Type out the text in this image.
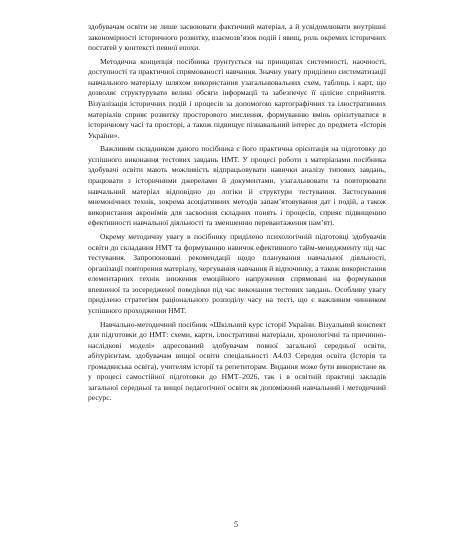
здобувачам освіти не лише засвоювати фактичний матеріал, а й усвідомлювати внутрішні закономірності історичного розвитку, взаємозв’язок подій і явищ, роль окремих історичних постатей у контексті певної епохи.

Методична концепція посібника ґрунтується на принципах системності, наочності, доступності та практичної спрямованості навчання. Значну увагу приділено систематизації навчального матеріалу шляхом використання узагальнювальних схем, таблиць і карт, що дозволяє структурувати великі обсяги інформації та забезпечує її цілісне сприйняття. Візуалізація історичних подій і процесів за допомогою картографічних та ілюстративних матеріалів сприяє розвитку просторового мислення, формуванню вмінь орієнтуватися в історичному часі та просторі, а також підвищує пізнавальний інтерес до предмета «Історія України».

Важливим складником даного посібника є його практична орієнтація на підготовку до успішного виконання тестових завдань НМТ. У процесі роботи з матеріалами посібника здобувачі освіти мають можливість відпрацьовувати навички аналізу типових завдань, працювати з історичними джерелами й документами, узагальнювати та повторювати навчальний матеріал відповідно до логіки й структури тестування. Застосування мнемонічних технік, зокрема асоціативних методів запам’ятовування дат і подій, а також використання акронімів для засвоєння складних понять і процесів, сприяє підвищенню ефективності навчальної діяльності та зменшенню перевантаження пам’яті.

Окрему методичну увагу в посібнику приділено психологічній підготовці здобувачів освіти до складання НМТ та формуванню навичок ефективного тайм-менеджменту під час тестування. Запропоновані рекомендації щодо планування навчальної діяльності, організації повторення матеріалу, чергування навчання й відпочинку, а також використання елементарних технік зниження емоційного напруження спрямовані на формування впевненої та зосередженої поведінки під час виконання тестових завдань. Особливу увагу приділено стратегіям раціонального розподілу часу на тесті, що є важливим чинником успішного проходження НМТ.

Навчально-методичний посібник «Шкільний курс історії України. Візуальний конспект для підготовки до НМТ: схеми, карти, ілюстративні матеріали, хронологічні та причинно-наслідкові моделі» адресований здобувачам повної загальної середньої освіти, абітурієнтам, здобувачам вищої освіти спеціальності А4.03 Середня освіта (Історія та громадянська освіта), учителям історії та репетиторам. Видання може бути використане як у процесі самостійної підготовки до НМТ–2026, так і в освітній практиці закладів загальної середньої та вищої педагогічної освіти як допоміжний навчальний і методичний ресурс.

5
